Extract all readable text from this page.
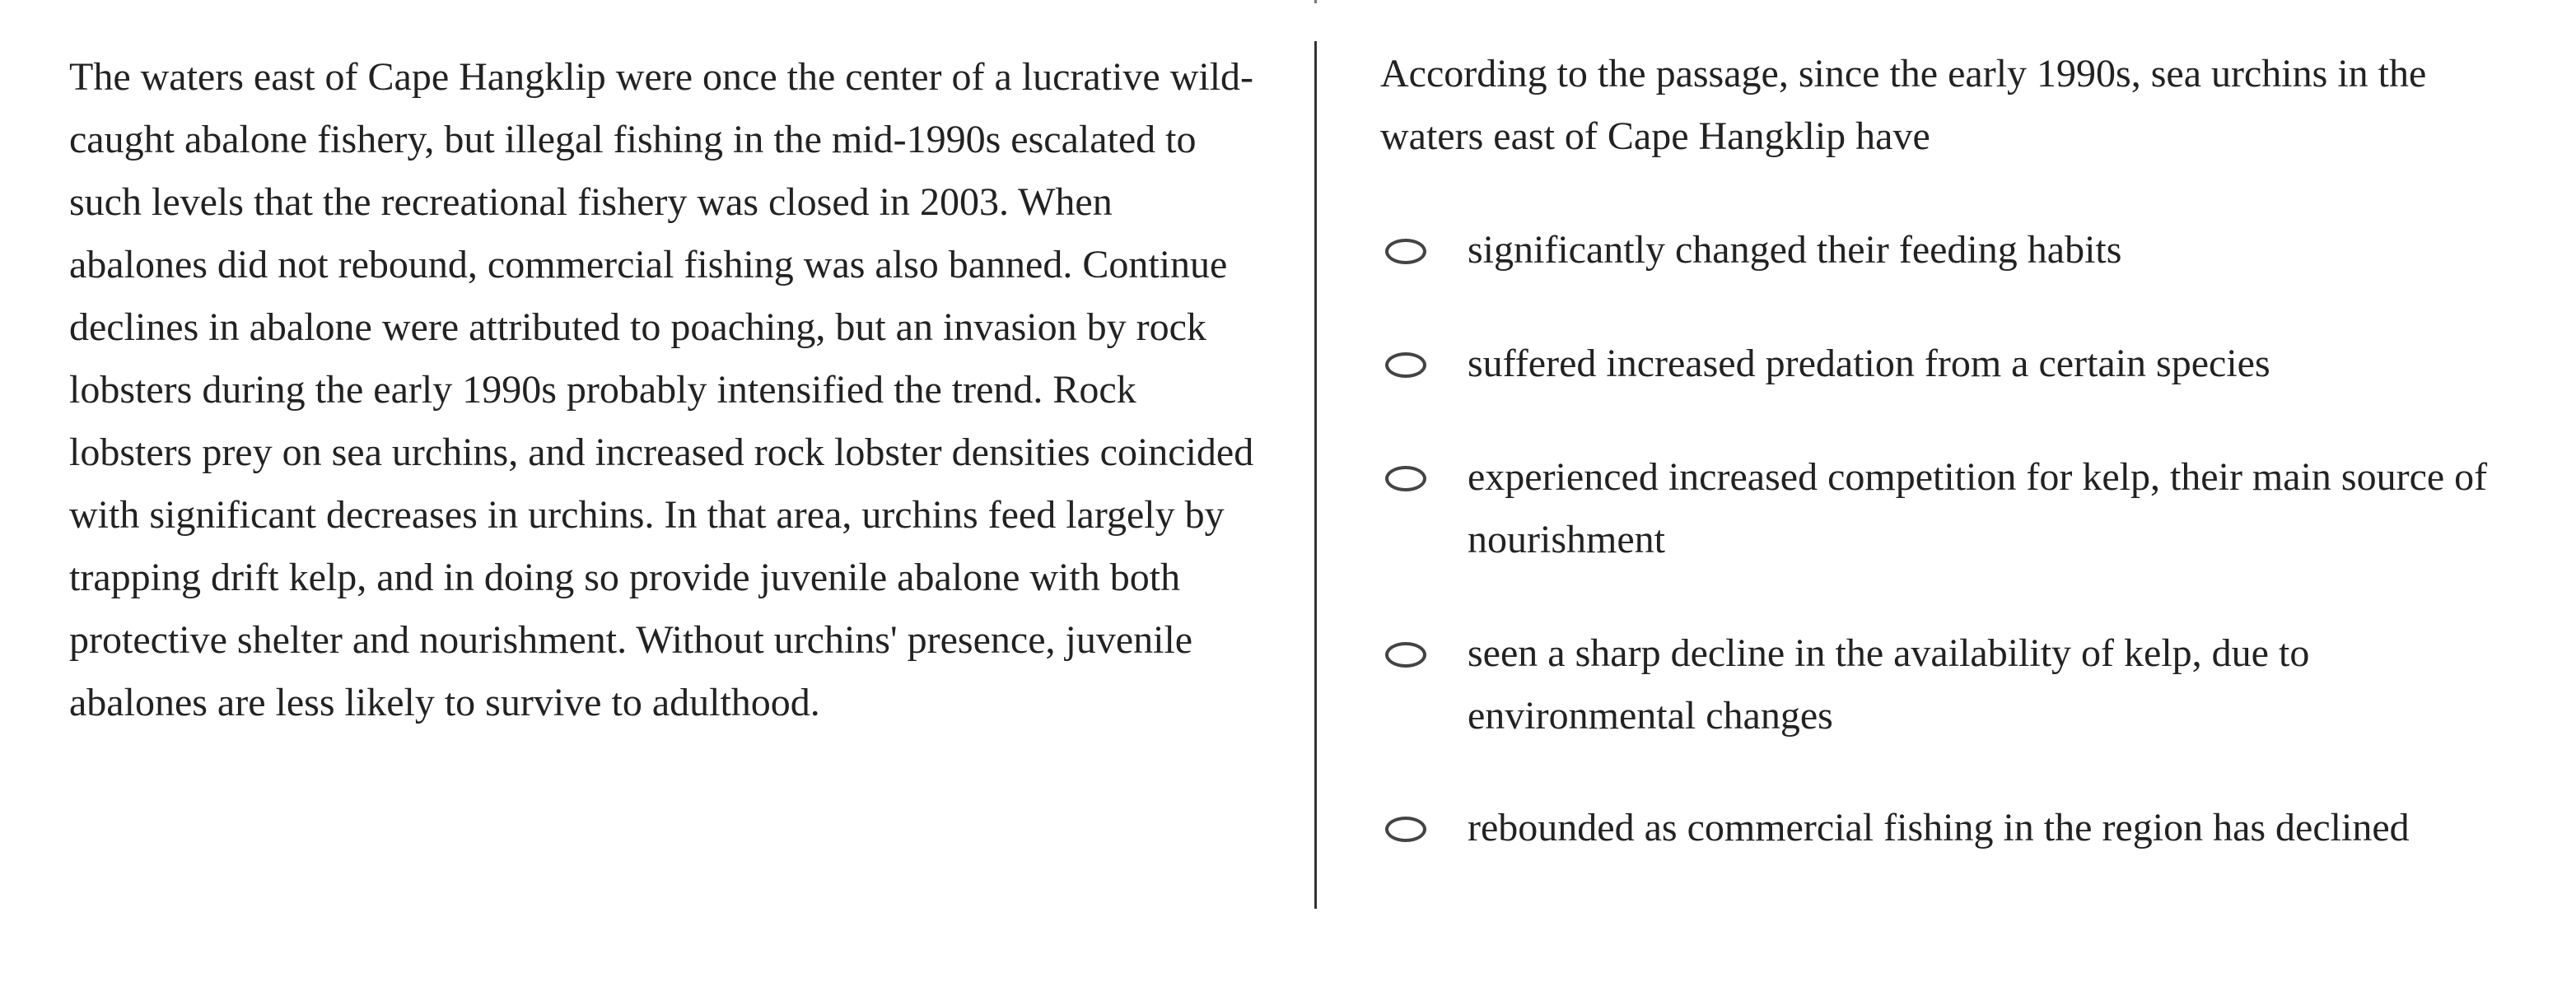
The waters east of Cape Hangklip were once the center of a lucrative wild-caught abalone fishery, but illegal fishing in the mid-1990s escalated to such levels that the recreational fishery was closed in 2003. When abalones did not rebound, commercial fishing was also banned. Continue declines in abalone were attributed to poaching, but an invasion by rock lobsters during the early 1990s probably intensified the trend. Rock lobsters prey on sea urchins, and increased rock lobster densities coincided with significant decreases in urchins. In that area, urchins feed largely by trapping drift kelp, and in doing so provide juvenile abalone with both protective shelter and nourishment. Without urchins' presence, juvenile abalones are less likely to survive to adulthood.

According to the passage, since the early 1990s, sea urchins in the waters east of Cape Hangklip have

significantly changed their feeding habits
suffered increased predation from a certain species
experienced increased competition for kelp, their main source of nourishment
seen a sharp decline in the availability of kelp, due to environmental changes
rebounded as commercial fishing in the region has declined
